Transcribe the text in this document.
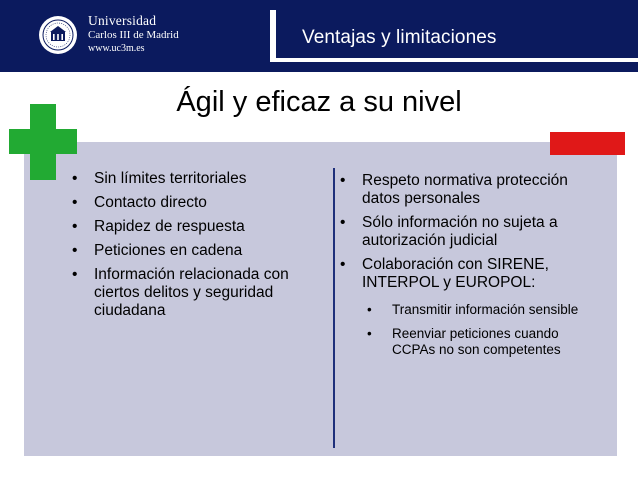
Universidad
Carlos III de Madrid
www.uc3m.es
Ventajas y limitaciones
Ágil y eficaz a su nivel
• Sin límites territoriales
• Contacto directo
• Rapidez de respuesta
• Peticiones en cadena
• Información relacionada con ciertos delitos y seguridad ciudadana
• Respeto normativa protección datos personales
• Sólo información no sujeta a autorización judicial
• Colaboración con SIRENE, INTERPOL y EUROPOL:
• Transmitir información sensible
• Reenviar peticiones cuando CCPAs no son competentes
